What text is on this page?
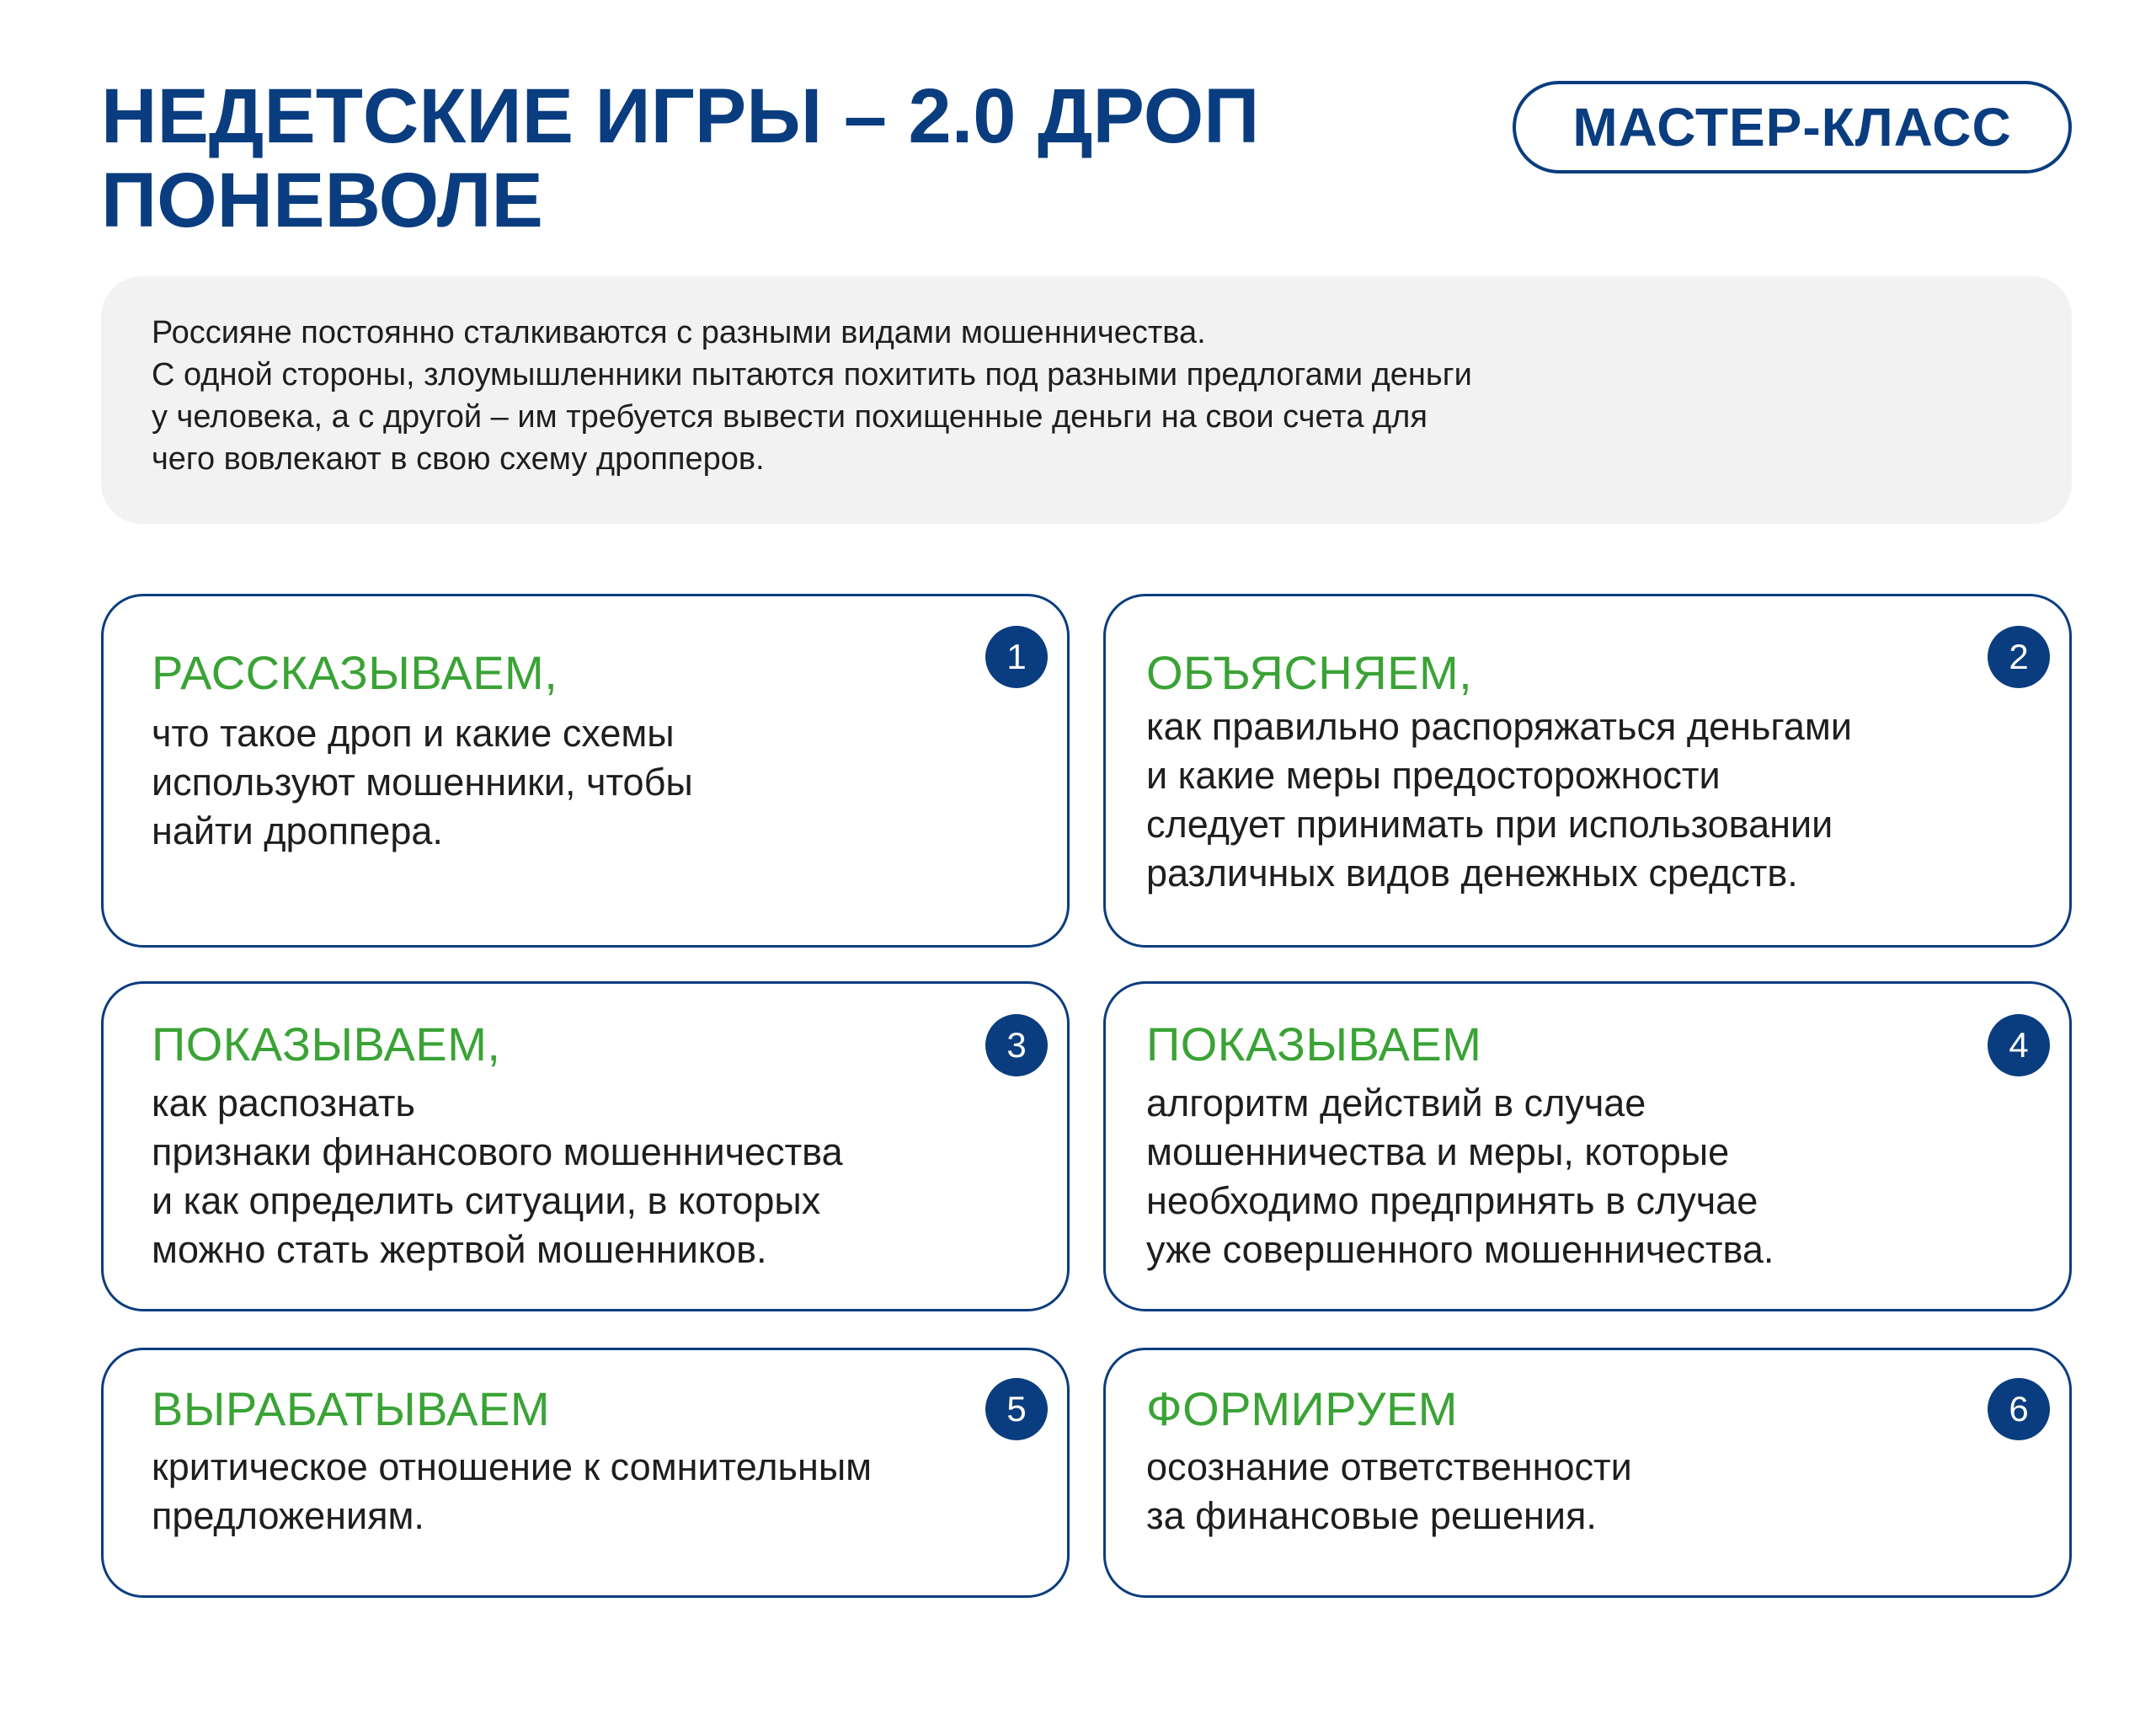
НЕДЕТСКИЕ ИГРЫ – 2.0 ДРОП
ПОНЕВОЛЕ
МАСТЕР-КЛАСС

Россияне постоянно сталкиваются с разными видами мошенничества.

С одной стороны, злоумышленники пытаются похитить под разными предлогами деньги

у человека, а с другой – им требуется вывести похищенные деньги на свои счета для

чего вовлекают в свою схему дропперов.

1
РАССКАЗЫВАЕМ,
что такое дроп и какие схемы
используют мошенники, чтобы
найти дроппера.
2
ОБЪЯСНЯЕМ,
как правильно распоряжаться деньгами
и какие меры предосторожности
следует принимать при использовании
различных видов денежных средств.
3
ПОКАЗЫВАЕМ,
как распознать
признаки финансового мошенничества
и как определить ситуации, в которых
можно стать жертвой мошенников.
4
ПОКАЗЫВАЕМ
алгоритм действий в случае
мошенничества и меры, которые
необходимо предпринять в случае
уже совершенного мошенничества.
5
ВЫРАБАТЫВАЕМ
критическое отношение к сомнительным
предложениям.
6
ФОРМИРУЕМ
осознание ответственности
за финансовые решения.
